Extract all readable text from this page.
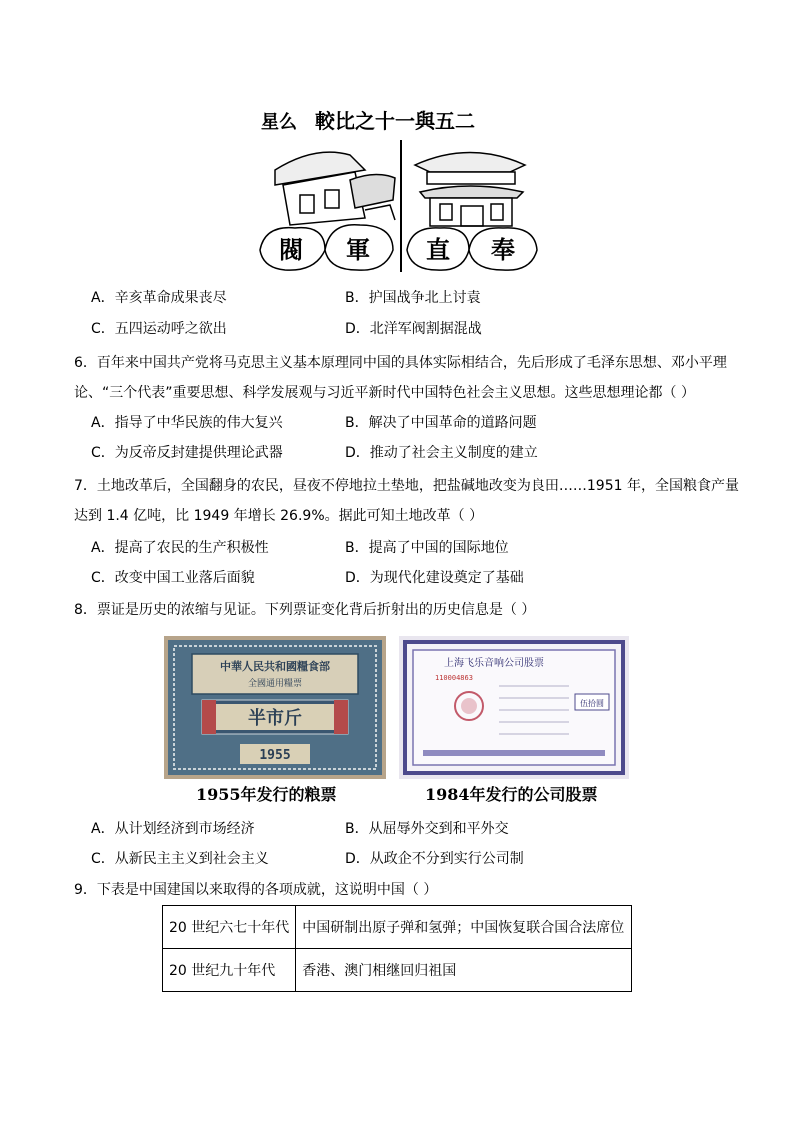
星么 較比之十一與五二
閥 軍 直 奉
A．辛亥革命成果丧尽	B．护国战争北上讨袁
C．五四运动呼之欲出	D．北洋军阀割据混战
6．百年来中国共产党将马克思主义基本原理同中国的具体实际相结合，先后形成了毛泽东思想、邓小平理
论、“三个代表”重要思想、科学发展观与习近平新时代中国特色社会主义思想。这些思想理论都（ ）
A．指导了中华民族的伟大复兴	B．解决了中国革命的道路问题
C．为反帝反封建提供理论武器	D．推动了社会主义制度的建立
7．土地改革后，全国翻身的农民，昼夜不停地拉土垫地，把盐碱地改变为良田……1951 年，全国粮食产量
达到 1.4 亿吨，比 1949 年增长 26.9%。据此可知土地改革（ ）
A．提高了农民的生产积极性	B．提高了中国的国际地位
C．改变中国工业落后面貌	D．为现代化建设奠定了基础
8．票证是历史的浓缩与见证。下列票证变化背后折射出的历史信息是（ ）
中華人民共和國糧食部
全國通用糧票
半市斤
1955
1955年发行的粮票
上海飞乐音响公司股票
110004863
伍拾圆
1984年发行的公司股票
A．从计划经济到市场经济	B．从屈辱外交到和平外交
C．从新民主主义到社会主义	D．从政企不分到实行公司制
9．下表是中国建国以来取得的各项成就，这说明中国（ ）
20 世纪六七十年代	中国研制出原子弹和氢弹；中国恢复联合国合法席位
20 世纪九十年代	香港、澳门相继回归祖国
